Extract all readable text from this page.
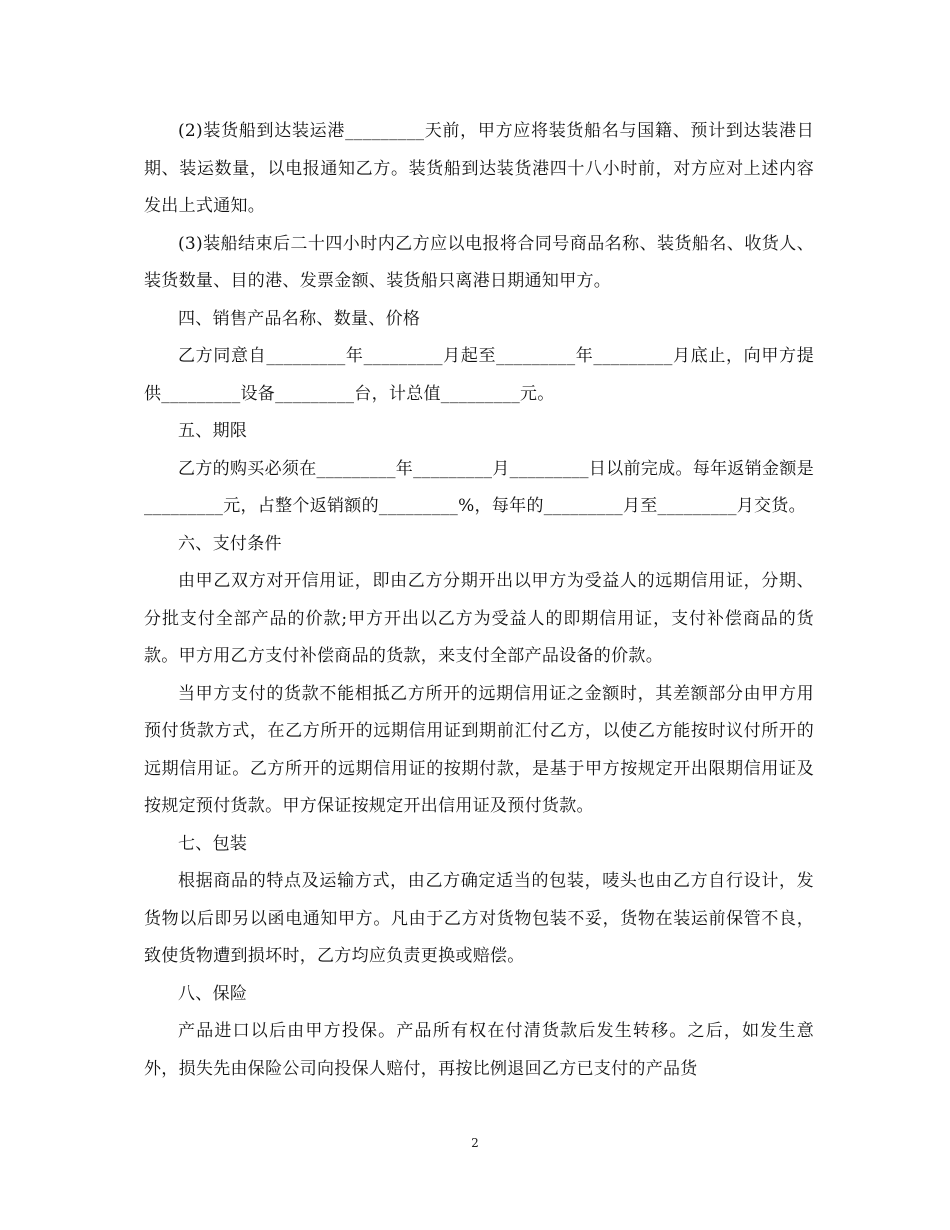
(2)装货船到达装运港_________天前，甲方应将装货船名与国籍、预计到达装港日期、装运数量，以电报通知乙方。装货船到达装货港四十八小时前，对方应对上述内容发出上式通知。

(3)装船结束后二十四小时内乙方应以电报将合同号商品名称、装货船名、收货人、装货数量、目的港、发票金额、装货船只离港日期通知甲方。

四、销售产品名称、数量、价格

乙方同意自_________年_________月起至_________年_________月底止，向甲方提供_________设备_________台，计总值_________元。

五、期限

乙方的购买必须在_________年_________月_________日以前完成。每年返销金额是_________元，占整个返销额的_________%，每年的_________月至_________月交货。

六、支付条件

由甲乙双方对开信用证，即由乙方分期开出以甲方为受益人的远期信用证，分期、分批支付全部产品的价款;甲方开出以乙方为受益人的即期信用证，支付补偿商品的货款。甲方用乙方支付补偿商品的货款，来支付全部产品设备的价款。

当甲方支付的货款不能相抵乙方所开的远期信用证之金额时，其差额部分由甲方用预付货款方式，在乙方所开的远期信用证到期前汇付乙方，以使乙方能按时议付所开的远期信用证。乙方所开的远期信用证的按期付款，是基于甲方按规定开出限期信用证及按规定预付货款。甲方保证按规定开出信用证及预付货款。

七、包装

根据商品的特点及运输方式，由乙方确定适当的包装，唛头也由乙方自行设计，发货物以后即另以函电通知甲方。凡由于乙方对货物包装不妥，货物在装运前保管不良，致使货物遭到损坏时，乙方均应负责更换或赔偿。

八、保险

产品进口以后由甲方投保。产品所有权在付清货款后发生转移。之后，如发生意外，损失先由保险公司向投保人赔付，再按比例退回乙方已支付的产品货

2
